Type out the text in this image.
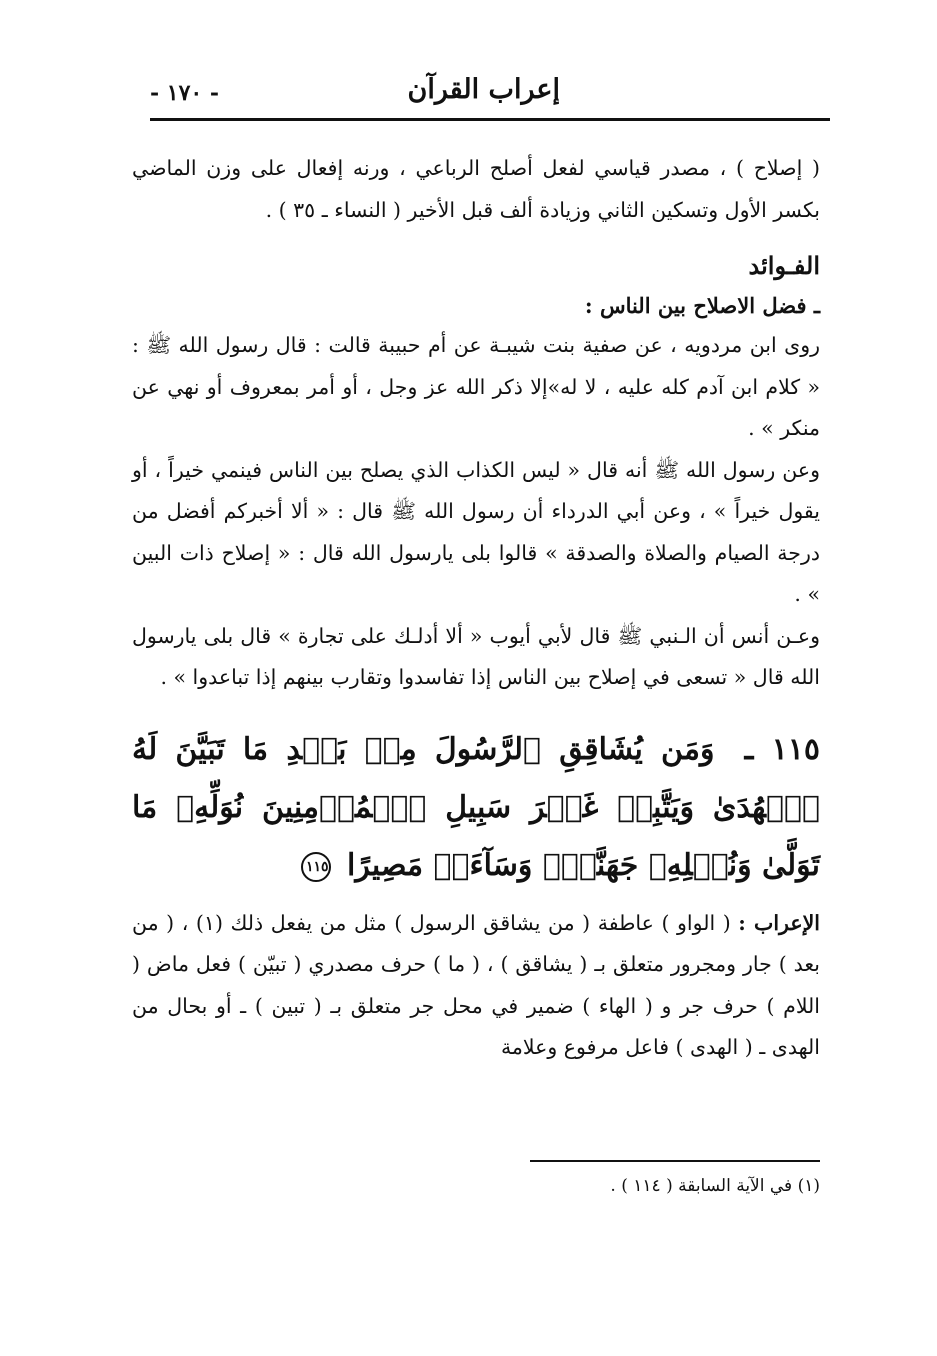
إعراب القرآن
- ١٧٠ -

( إصلاح ) ، مصدر قياسي لفعل أصلح الرباعي ، ورنه إفعال على وزن الماضي بكسر الأول وتسكين الثاني وزيادة ألف قبل الأخير ( النساء ـ ٣٥ ) .

الفـوائد
ـ فضل الاصلاح بين الناس :

روى ابن مردويه ، عن صفية بنت شيبـة عن أم حبيبة قالت : قال رسول الله ﷺ : « كلام ابن آدم كله عليه ، لا له»إلا ذكر الله عز وجل ، أو أمر بمعروف أو نهي عن منكر » .

وعن رسول الله ﷺ أنه قال « ليس الكذاب الذي يصلح بين الناس فينمي خيراً ، أو يقول خيراً » ، وعن أبي الدرداء أن رسول الله ﷺ قال : « ألا أخبركم أفضل من درجة الصيام والصلاة والصدقة » قالوا بلى يارسول الله قال : « إصلاح ذات البين » .

وعـن أنس أن الـنبي ﷺ قال لأبي أيوب « ألا أدلـك على تجارة » قال بلى يارسول الله قال « تسعى في إصلاح بين الناس إذا تفاسدوا وتقارب بينهم إذا تباعدوا » .

١١٥ ـ وَمَن يُشَاقِقِ ٱلرَّسُولَ مِنۢ بَعۡدِ مَا تَبَيَّنَ لَهُ ٱلۡهُدَىٰ وَيَتَّبِعۡ غَيۡرَ سَبِيلِ ٱلۡمُؤۡمِنِينَ نُوَلِّهِۦ مَا تَوَلَّىٰ وَنُصۡلِهِۦ جَهَنَّمَۖ وَسَآءَتۡ مَصِيرًا ١١٥

الإعراب : ( الواو ) عاطفة ( من يشاقق الرسول ) مثل من يفعل ذلك (١) ، ( من بعد ) جار ومجرور متعلق بـ ( يشاقق ) ، ( ما ) حرف مصدري ( تبيّن ) فعل ماض ( اللام ) حرف جر و ( الهاء ) ضمير في محل جر متعلق بـ ( تبين ) ـ أو بحال من الهدى ـ ( الهدى ) فاعل مرفوع وعلامة

(١) في الآية السابقة ( ١١٤ ) .
